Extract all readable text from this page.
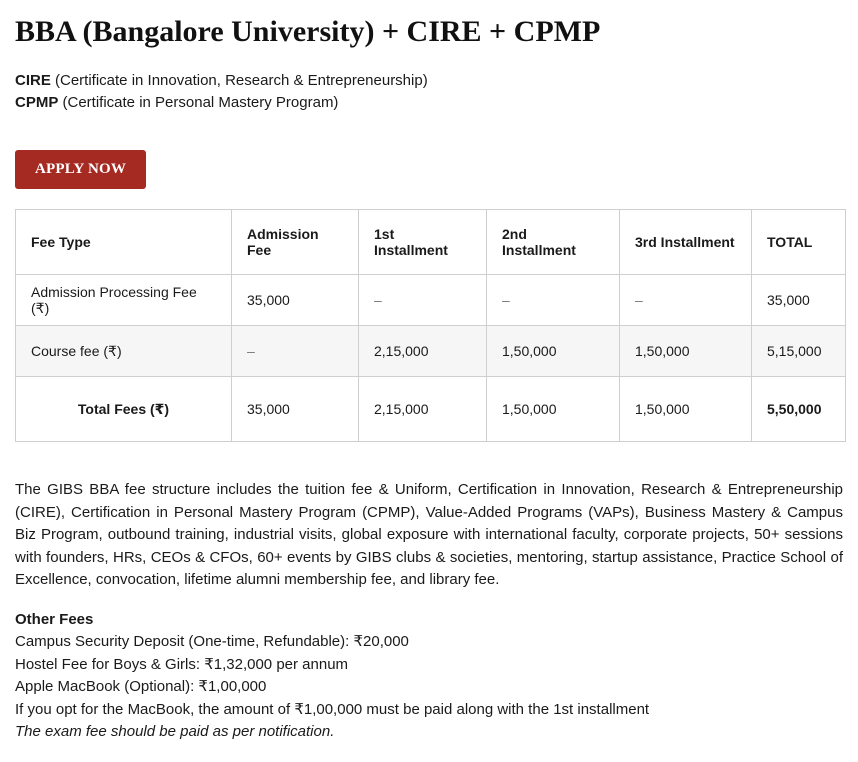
BBA (Bangalore University) + CIRE + CPMP
CIRE (Certificate in Innovation, Research & Entrepreneurship)
CPMP (Certificate in Personal Mastery Program)
APPLY NOW
Fee Type	Admission Fee	1st Installment	2nd Installment	3rd Installment	TOTAL
Admission Processing Fee (₹)	35,000	–	–	–	35,000
Course fee (₹)	–	2,15,000	1,50,000	1,50,000	5,15,000
Total Fees (₹)	35,000	2,15,000	1,50,000	1,50,000	5,50,000
The GIBS BBA fee structure includes the tuition fee & Uniform, Certification in Innovation, Research & Entrepreneurship (CIRE), Certification in Personal Mastery Program (CPMP), Value-Added Programs (VAPs), Business Mastery & Campus Biz Program, outbound training, industrial visits, global exposure with international faculty, corporate projects, 50+ sessions with founders, HRs, CEOs & CFOs, 60+ events by GIBS clubs & societies, mentoring, startup assistance, Practice School of Excellence, convocation, lifetime alumni membership fee, and library fee.
Other Fees
Campus Security Deposit (One-time, Refundable): ₹20,000
Hostel Fee for Boys & Girls: ₹1,32,000 per annum
Apple MacBook (Optional): ₹1,00,000
If you opt for the MacBook, the amount of ₹1,00,000 must be paid along with the 1st installment
The exam fee should be paid as per notification.
